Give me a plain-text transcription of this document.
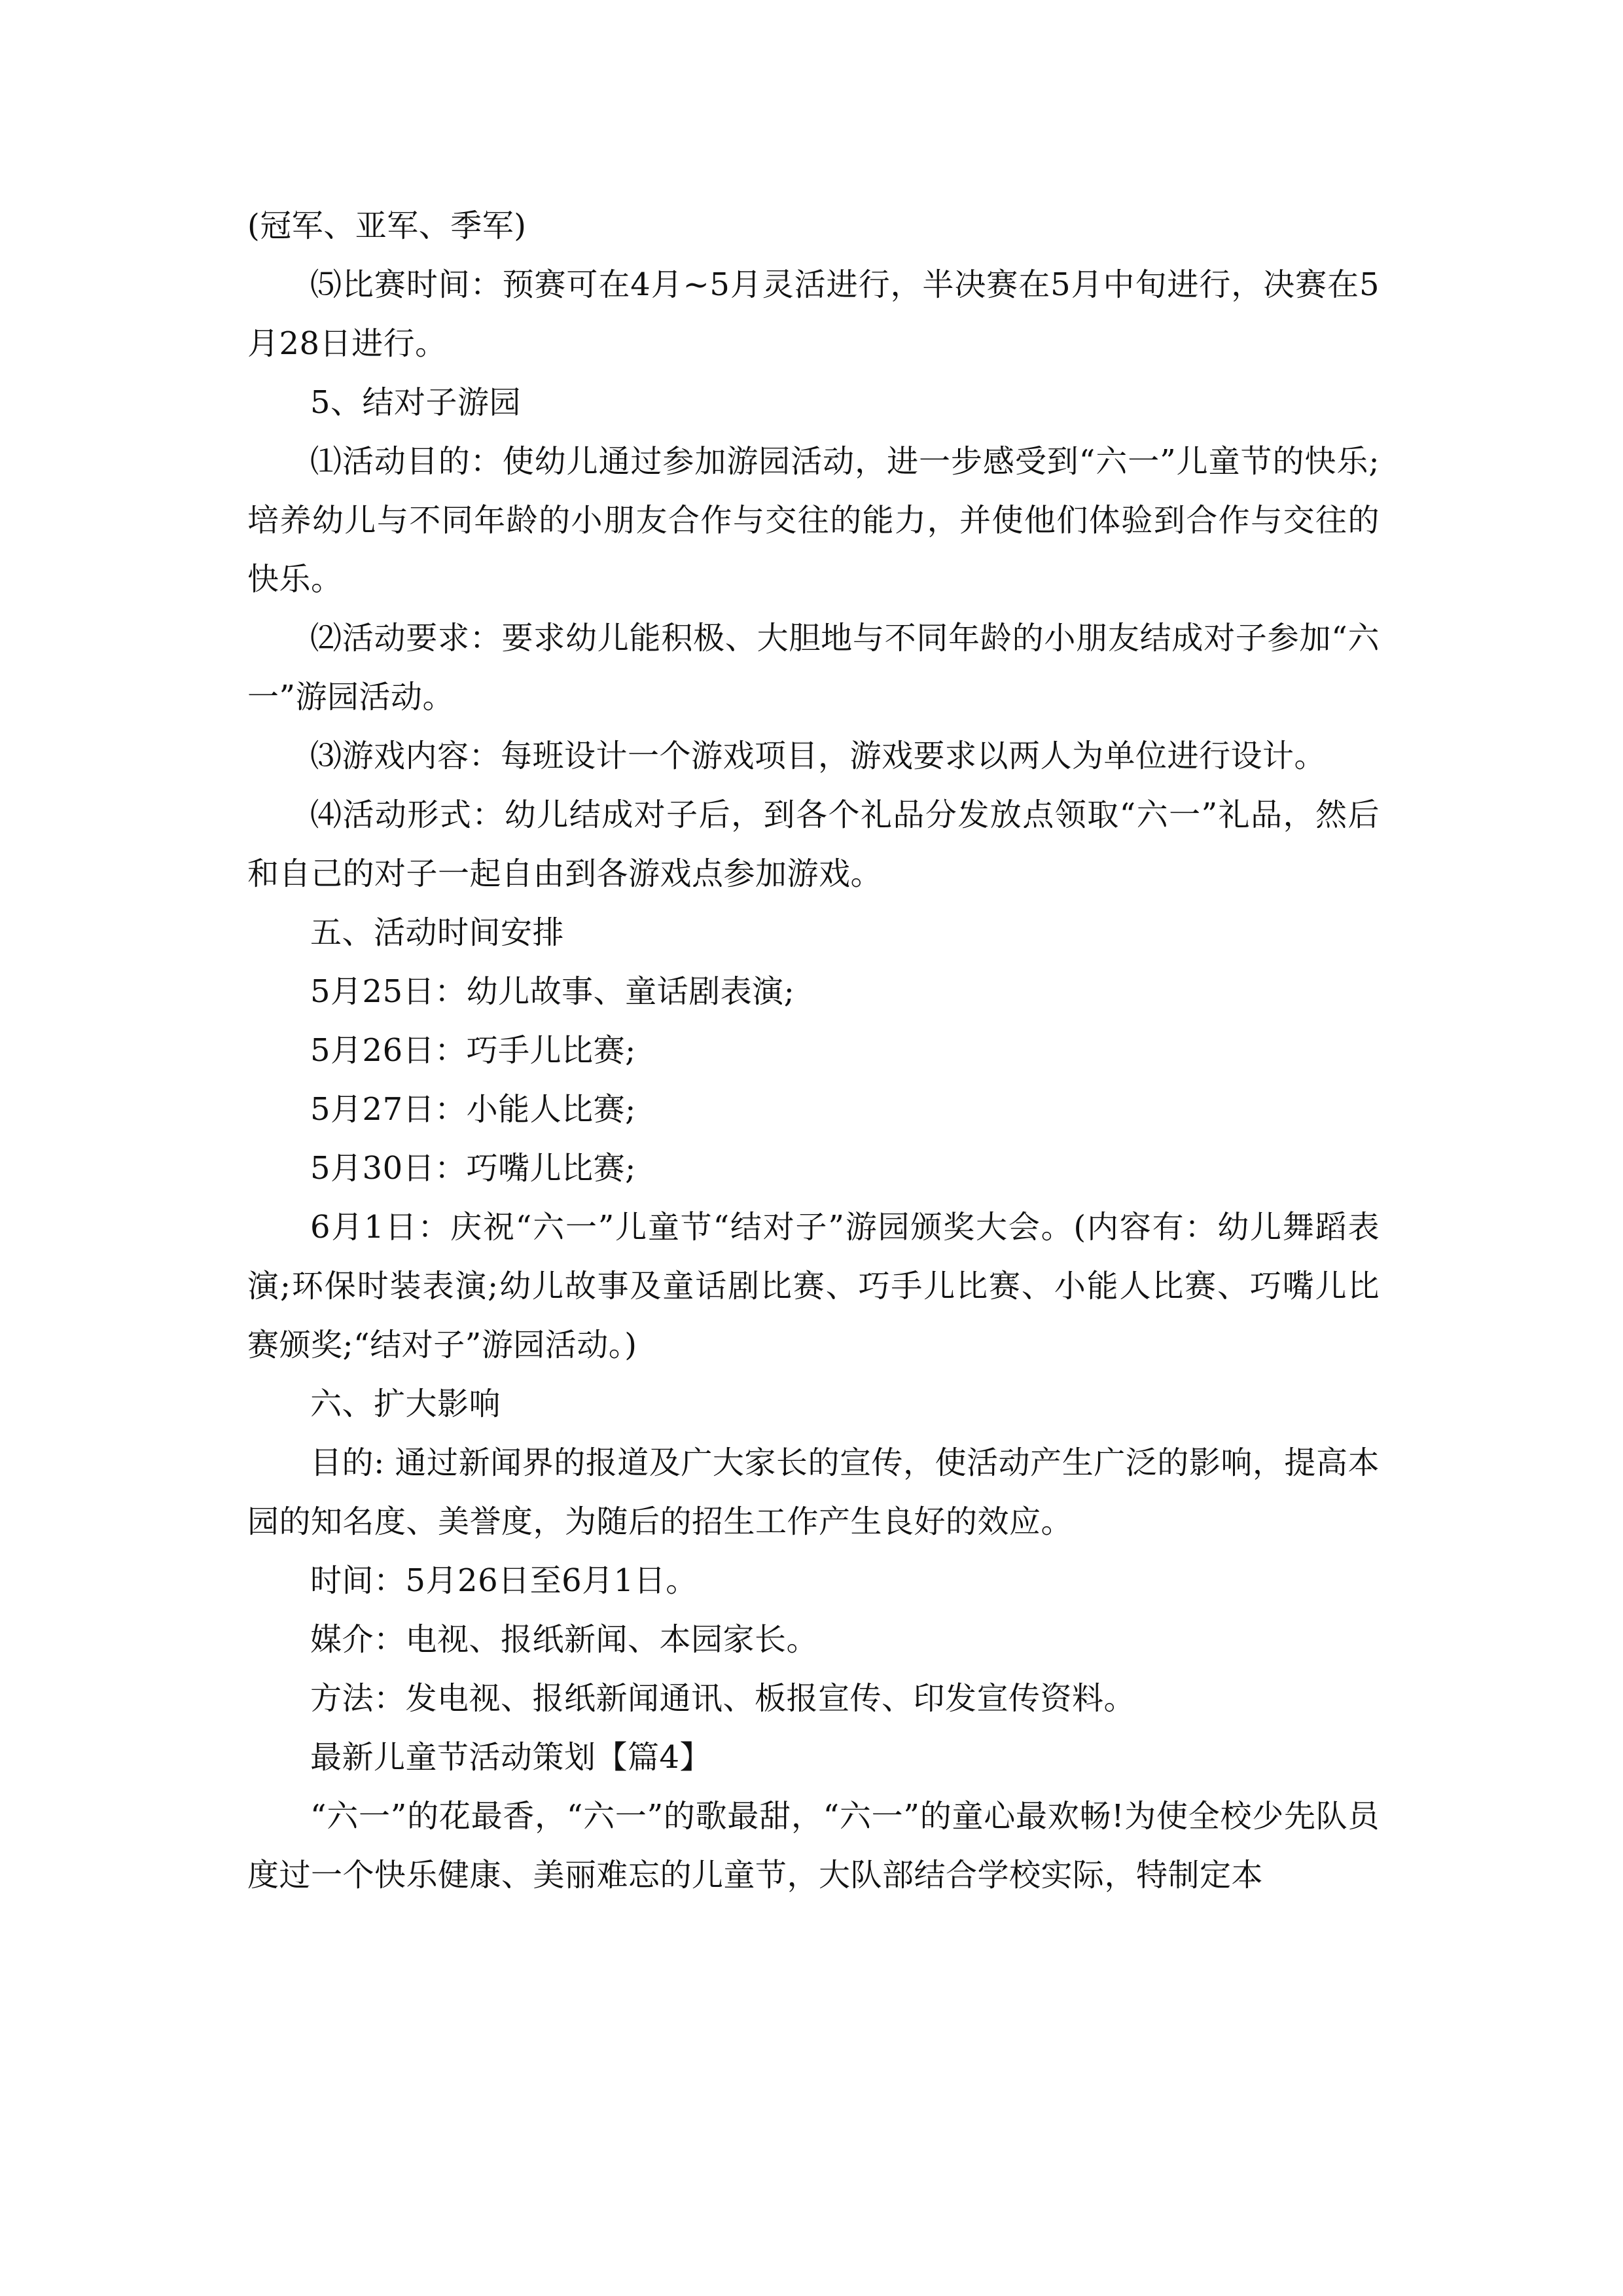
(冠军、亚军、季军)

⑸比赛时间：预赛可在4月~5月灵活进行，半决赛在5月中旬进行，决赛在5月28日进行。

5、结对子游园

⑴活动目的：使幼儿通过参加游园活动，进一步感受到“六一”儿童节的快乐;培养幼儿与不同年龄的小朋友合作与交往的能力，并使他们体验到合作与交往的快乐。

⑵活动要求：要求幼儿能积极、大胆地与不同年龄的小朋友结成对子参加“六一”游园活动。

⑶游戏内容：每班设计一个游戏项目，游戏要求以两人为单位进行设计。

⑷活动形式：幼儿结成对子后，到各个礼品分发放点领取“六一”礼品，然后和自己的对子一起自由到各游戏点参加游戏。

五、活动时间安排

5月25日：幼儿故事、童话剧表演;

5月26日：巧手儿比赛;

5月27日：小能人比赛;

5月30日：巧嘴儿比赛;

6月1日：庆祝“六一”儿童节“结对子”游园颁奖大会。(内容有：幼儿舞蹈表演;环保时装表演;幼儿故事及童话剧比赛、巧手儿比赛、小能人比赛、巧嘴儿比赛颁奖;“结对子”游园活动。)

六、扩大影响

目的: 通过新闻界的报道及广大家长的宣传，使活动产生广泛的影响，提高本园的知名度、美誉度，为随后的招生工作产生良好的效应。

时间：5月26日至6月1日。

媒介：电视、报纸新闻、本园家长。

方法：发电视、报纸新闻通讯、板报宣传、印发宣传资料。

最新儿童节活动策划【篇4】

“六一”的花最香，“六一”的歌最甜，“六一”的童心最欢畅!为使全校少先队员度过一个快乐健康、美丽难忘的儿童节，大队部结合学校实际，特制定本
